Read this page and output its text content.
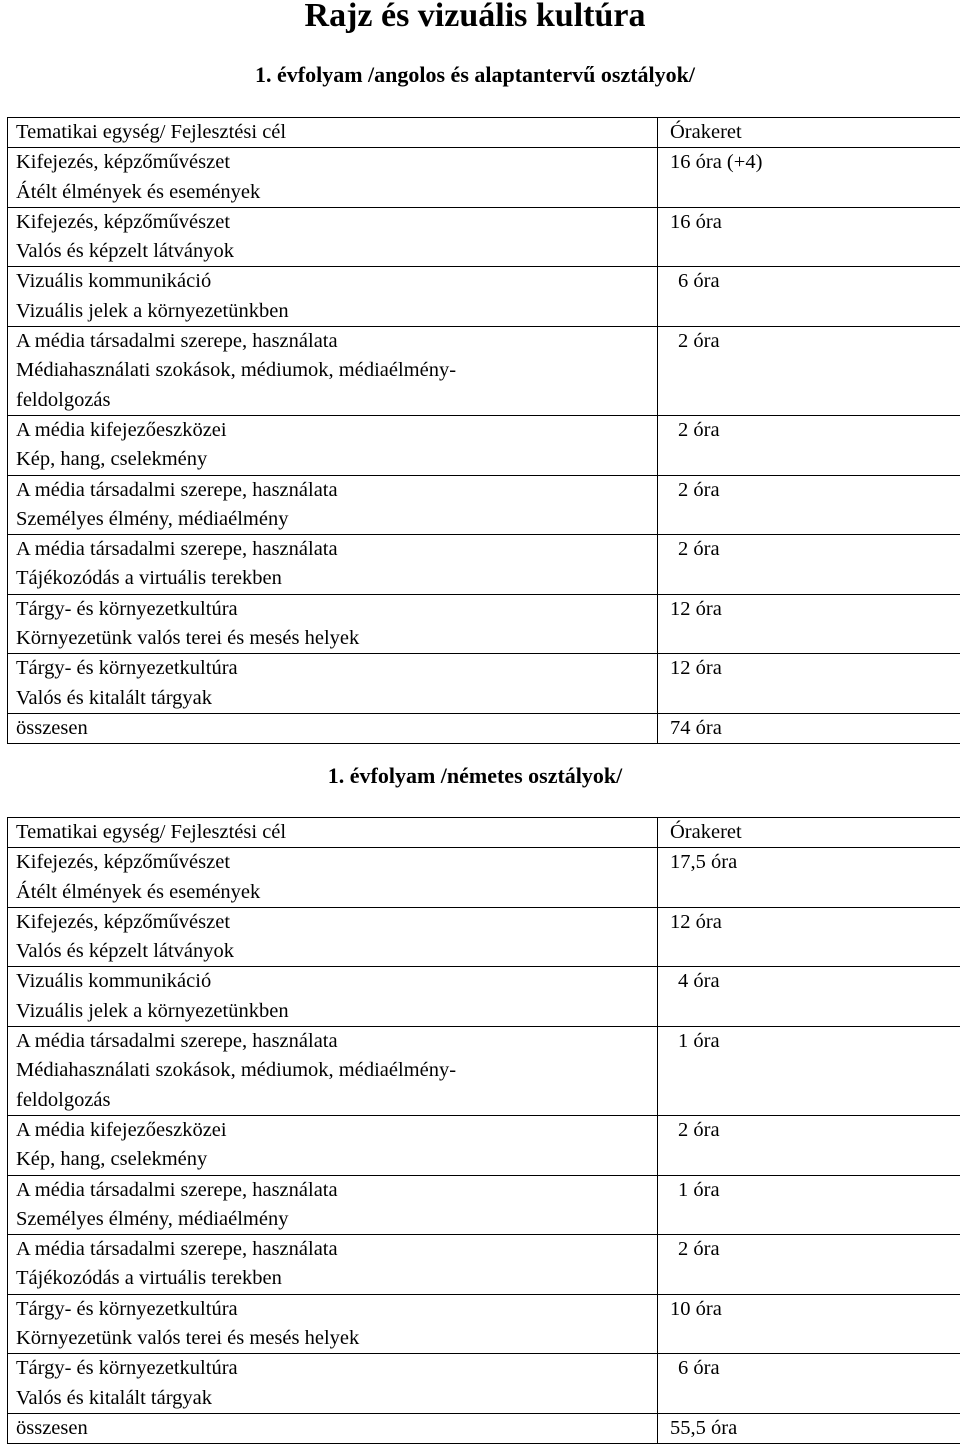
Rajz és vizuális kultúra
1. évfolyam /angolos és alaptantervű osztályok/
Tematikai egység/ Fejlesztési cél	Órakeret

Kifejezés, képzőművészet
Átélt élmények és események	16 óra (+4)

Kifejezés, képzőművészet
Valós és képzelt látványok	16 óra

Vizuális kommunikáció
Vizuális jelek a környezetünkben	6 óra

A média társadalmi szerepe, használata
Médiahasználati szokások, médiumok, médiaélmény-
feldolgozás	2 óra

A média kifejezőeszközei
Kép, hang, cselekmény	2 óra

A média társadalmi szerepe, használata
Személyes élmény, médiaélmény	2 óra

A média társadalmi szerepe, használata
Tájékozódás a virtuális terekben	2 óra

Tárgy- és környezetkultúra
Környezetünk valós terei és mesés helyek	12 óra

Tárgy- és környezetkultúra
Valós és kitalált tárgyak	12 óra

összesen	74 óra
1. évfolyam /németes osztályok/
Tematikai egység/ Fejlesztési cél	Órakeret

Kifejezés, képzőművészet
Átélt élmények és események	17,5 óra

Kifejezés, képzőművészet
Valós és képzelt látványok	12 óra

Vizuális kommunikáció
Vizuális jelek a környezetünkben	4 óra

A média társadalmi szerepe, használata
Médiahasználati szokások, médiumok, médiaélmény-
feldolgozás	1 óra

A média kifejezőeszközei
Kép, hang, cselekmény	2 óra

A média társadalmi szerepe, használata
Személyes élmény, médiaélmény	1 óra

A média társadalmi szerepe, használata
Tájékozódás a virtuális terekben	2 óra

Tárgy- és környezetkultúra
Környezetünk valós terei és mesés helyek	10 óra

Tárgy- és környezetkultúra
Valós és kitalált tárgyak	6 óra

összesen	55,5 óra
